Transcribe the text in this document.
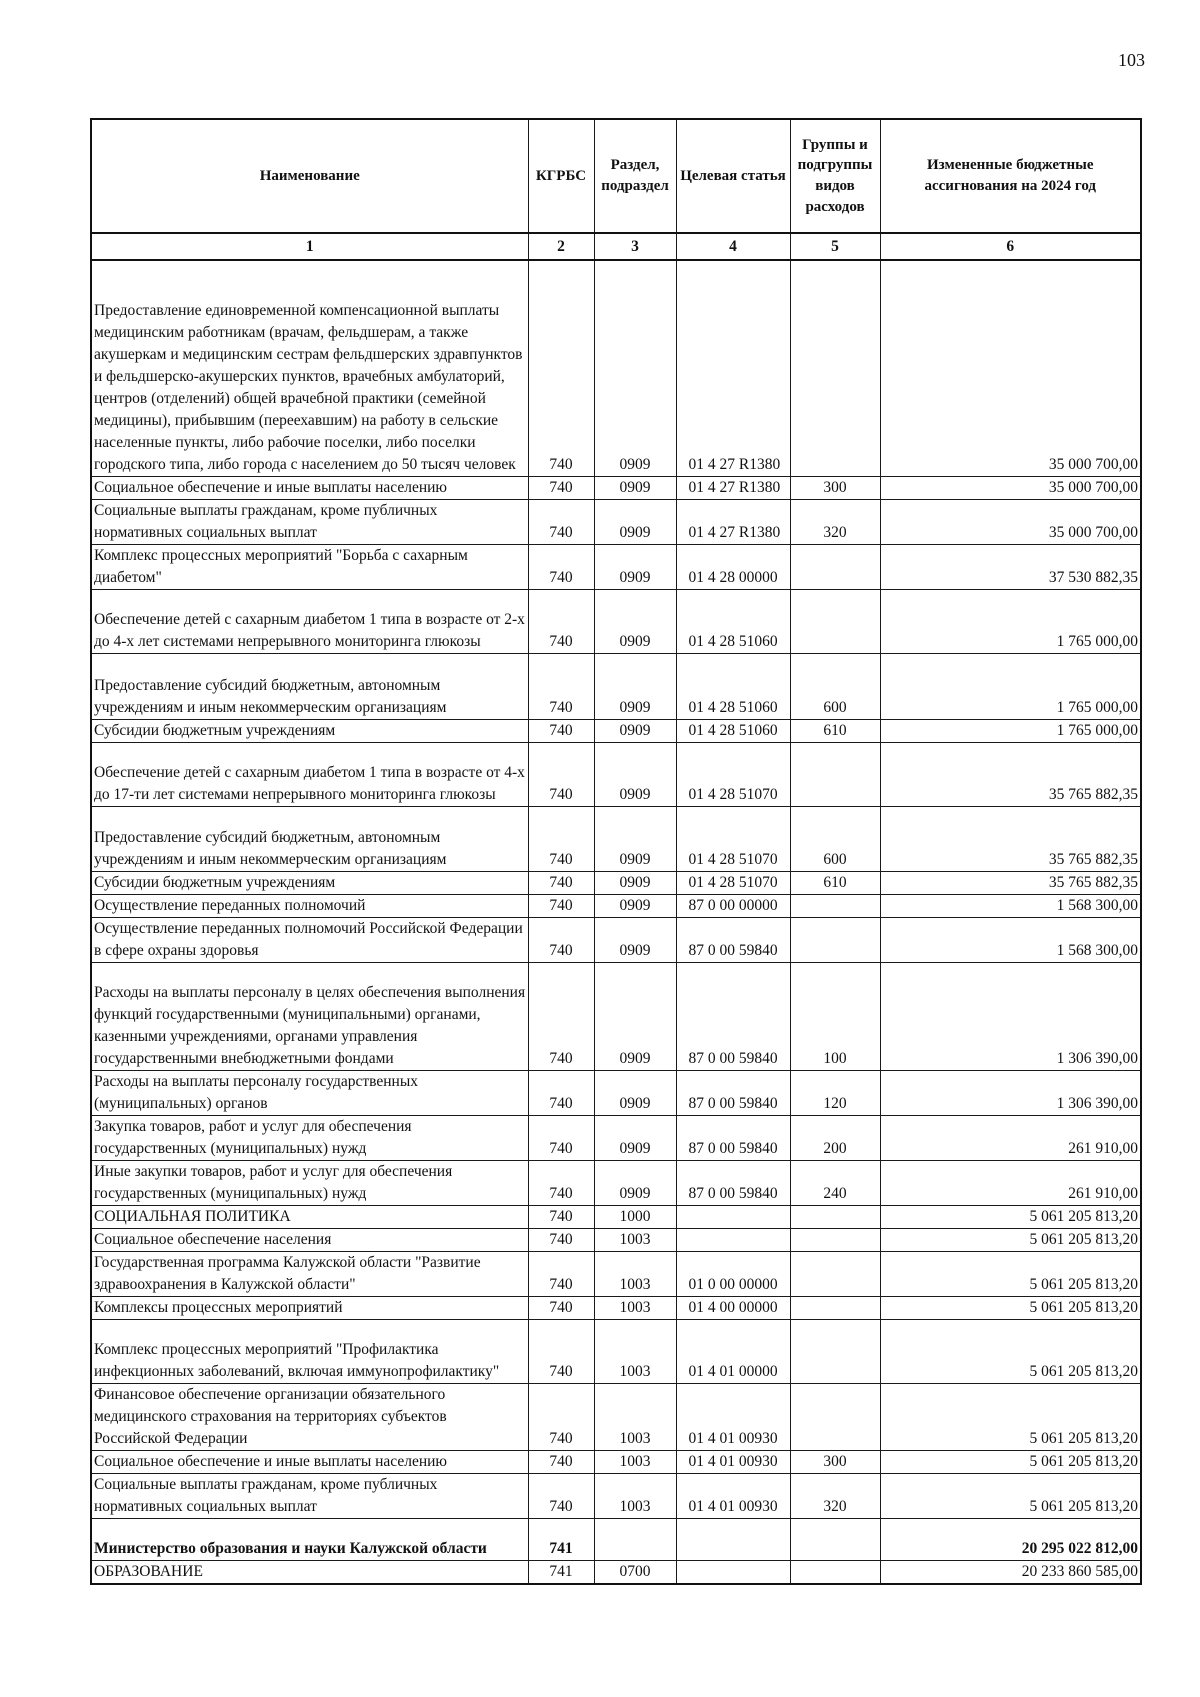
103
Наименование	КГРБС	Раздел, подраздел	Целевая статья	Группы и подгруппы видов расходов	Измененные бюджетные ассигнования на 2024 год
1	2	3	4	5	6
Предоставление единовременной компенсационной выплаты медицинским работникам (врачам, фельдшерам, а также акушеркам и медицинским сестрам фельдшерских здравпунктов и фельдшерско-акушерских пунктов, врачебных амбулаторий, центров (отделений) общей врачебной практики (семейной медицины), прибывшим (переехавшим) на работу в сельские населенные пункты, либо рабочие поселки, либо поселки городского типа, либо города с населением до 50 тысяч человек	740	0909	01 4 27 R1380		35 000 700,00
Социальное обеспечение и иные выплаты населению	740	0909	01 4 27 R1380	300	35 000 700,00
Социальные выплаты гражданам, кроме публичных нормативных социальных выплат	740	0909	01 4 27 R1380	320	35 000 700,00
Комплекс процессных мероприятий "Борьба с сахарным диабетом"	740	0909	01 4 28 00000		37 530 882,35
Обеспечение детей с сахарным диабетом 1 типа в возрасте от 2-х до 4-х лет системами непрерывного мониторинга глюкозы	740	0909	01 4 28 51060		1 765 000,00
Предоставление субсидий бюджетным, автономным учреждениям и иным некоммерческим организациям	740	0909	01 4 28 51060	600	1 765 000,00
Субсидии бюджетным учреждениям	740	0909	01 4 28 51060	610	1 765 000,00
Обеспечение детей с сахарным диабетом 1 типа в возрасте от 4-х до 17-ти лет системами непрерывного мониторинга глюкозы	740	0909	01 4 28 51070		35 765 882,35
Предоставление субсидий бюджетным, автономным учреждениям и иным некоммерческим организациям	740	0909	01 4 28 51070	600	35 765 882,35
Субсидии бюджетным учреждениям	740	0909	01 4 28 51070	610	35 765 882,35
Осуществление переданных полномочий	740	0909	87 0 00 00000		1 568 300,00
Осуществление переданных полномочий Российской Федерации в сфере охраны здоровья	740	0909	87 0 00 59840		1 568 300,00
Расходы на выплаты персоналу в целях обеспечения выполнения функций государственными (муниципальными) органами, казенными учреждениями, органами управления государственными внебюджетными фондами	740	0909	87 0 00 59840	100	1 306 390,00
Расходы на выплаты персоналу государственных (муниципальных) органов	740	0909	87 0 00 59840	120	1 306 390,00
Закупка товаров, работ и услуг для обеспечения государственных (муниципальных) нужд	740	0909	87 0 00 59840	200	261 910,00
Иные закупки товаров, работ и услуг для обеспечения государственных (муниципальных) нужд	740	0909	87 0 00 59840	240	261 910,00
СОЦИАЛЬНАЯ ПОЛИТИКА	740	1000			5 061 205 813,20
Социальное обеспечение населения	740	1003			5 061 205 813,20
Государственная программа Калужской области "Развитие здравоохранения в Калужской области"	740	1003	01 0 00 00000		5 061 205 813,20
Комплексы процессных мероприятий	740	1003	01 4 00 00000		5 061 205 813,20
Комплекс процессных мероприятий "Профилактика инфекционных заболеваний, включая иммунопрофилактику"	740	1003	01 4 01 00000		5 061 205 813,20
Финансовое обеспечение организации обязательного медицинского страхования на территориях субъектов Российской Федерации	740	1003	01 4 01 00930		5 061 205 813,20
Социальное обеспечение и иные выплаты населению	740	1003	01 4 01 00930	300	5 061 205 813,20
Социальные выплаты гражданам, кроме публичных нормативных социальных выплат	740	1003	01 4 01 00930	320	5 061 205 813,20
Министерство образования и науки Калужской области	741				20 295 022 812,00
ОБРАЗОВАНИЕ	741	0700			20 233 860 585,00
